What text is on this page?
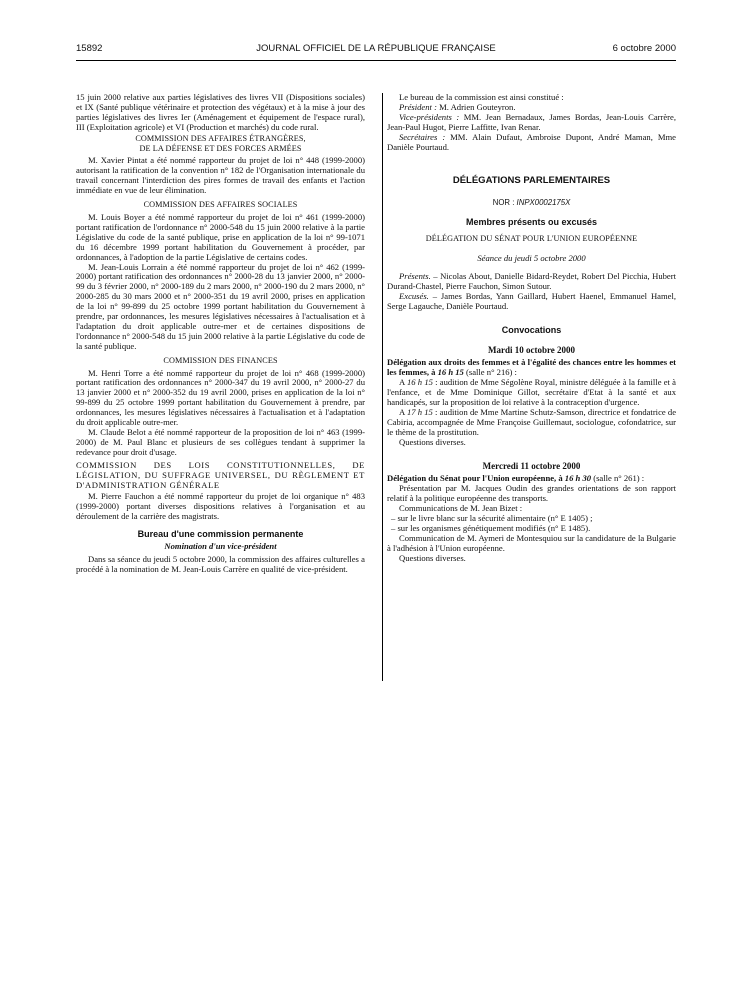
15892	JOURNAL OFFICIEL DE LA RÉPUBLIQUE FRANÇAISE	6 octobre 2000

15 juin 2000 relative aux parties législatives des livres VII (Dispositions sociales) et IX (Santé publique vétérinaire et protection des végétaux) et à la mise à jour des parties législatives des livres Ier (Aménagement et équipement de l'espace rural), III (Exploitation agricole) et VI (Production et marchés) du code rural.

COMMISSION DES AFFAIRES ÉTRANGÈRES,
DE LA DÉFENSE ET DES FORCES ARMÉES

M. Xavier Pintat a été nommé rapporteur du projet de loi n° 448 (1999-2000) autorisant la ratification de la convention n° 182 de l'Organisation internationale du travail concernant l'interdiction des pires formes de travail des enfants et l'action immédiate en vue de leur élimination.

COMMISSION DES AFFAIRES SOCIALES

M. Louis Boyer a été nommé rapporteur du projet de loi n° 461 (1999-2000) portant ratification de l'ordonnance n° 2000-548 du 15 juin 2000 relative à la partie Législative du code de la santé publique, prise en application de la loi n° 99-1071 du 16 décembre 1999 portant habilitation du Gouvernement à procéder, par ordonnances, à l'adoption de la partie Législative de certains codes.

M. Jean-Louis Lorrain a été nommé rapporteur du projet de loi n° 462 (1999-2000) portant ratification des ordonnances n° 2000-28 du 13 janvier 2000, n° 2000-99 du 3 février 2000, n° 2000-189 du 2 mars 2000, n° 2000-190 du 2 mars 2000, n° 2000-285 du 30 mars 2000 et n° 2000-351 du 19 avril 2000, prises en application de la loi n° 99-899 du 25 octobre 1999 portant habilitation du Gouvernement à prendre, par ordonnances, les mesures législatives nécessaires à l'actualisation et à l'adaptation du droit applicable outre-mer et de certaines dispositions de l'ordonnance n° 2000-548 du 15 juin 2000 relative à la partie Législative du code de la santé publique.

COMMISSION DES FINANCES

M. Henri Torre a été nommé rapporteur du projet de loi n° 468 (1999-2000) portant ratification des ordonnances n° 2000-347 du 19 avril 2000, n° 2000-27 du 13 janvier 2000 et n° 2000-352 du 19 avril 2000, prises en application de la loi n° 99-899 du 25 octobre 1999 portant habilitation du Gouvernement à prendre, par ordonnances, les mesures législatives nécessaires à l'actualisation et à l'adaptation du droit applicable outre-mer.

M. Claude Belot a été nommé rapporteur de la proposition de loi n° 463 (1999-2000) de M. Paul Blanc et plusieurs de ses collègues tendant à supprimer la redevance pour droit d'usage.

COMMISSION DES LOIS CONSTITUTIONNELLES, DE LÉGISLATION, DU SUFFRAGE UNIVERSEL, DU RÈGLEMENT ET D'ADMINISTRATION GÉNÉRALE

M. Pierre Fauchon a été nommé rapporteur du projet de loi organique n° 483 (1999-2000) portant diverses dispositions relatives à l'organisation et au déroulement de la carrière des magistrats.

Bureau d'une commission permanente
Nomination d'un vice-président

Dans sa séance du jeudi 5 octobre 2000, la commission des affaires culturelles a procédé à la nomination de M. Jean-Louis Carrère en qualité de vice-président.

Le bureau de la commission est ainsi constitué :

Président : M. Adrien Gouteyron.

Vice-présidents : MM. Jean Bernadaux, James Bordas, Jean-Louis Carrère, Jean-Paul Hugot, Pierre Laffitte, Ivan Renar.

Secrétaires : MM. Alain Dufaut, Ambroise Dupont, André Maman, Mme Danièle Pourtaud.

DÉLÉGATIONS PARLEMENTAIRES
NOR : INPX0002175X
Membres présents ou excusés
DÉLÉGATION DU SÉNAT POUR L'UNION EUROPÉENNE
Séance du jeudi 5 octobre 2000

Présents. – Nicolas About, Danielle Bidard-Reydet, Robert Del Picchia, Hubert Durand-Chastel, Pierre Fauchon, Simon Sutour.

Excusés. – James Bordas, Yann Gaillard, Hubert Haenel, Emmanuel Hamel, Serge Lagauche, Danièle Pourtaud.

Convocations
Mardi 10 octobre 2000

Délégation aux droits des femmes et à l'égalité des chances entre les hommes et les femmes, à 16 h 15 (salle n° 216) :

A 16 h 15 : audition de Mme Ségolène Royal, ministre déléguée à la famille et à l'enfance, et de Mme Dominique Gillot, secrétaire d'Etat à la santé et aux handicapés, sur la proposition de loi relative à la contraception d'urgence.

A 17 h 15 : audition de Mme Martine Schutz-Samson, directrice et fondatrice de Cabiria, accompagnée de Mme Françoise Guillemaut, sociologue, cofondatrice, sur le thème de la prostitution.

Questions diverses.

Mercredi 11 octobre 2000

Délégation du Sénat pour l'Union européenne, à 16 h 30 (salle n° 261) :

Présentation par M. Jacques Oudin des grandes orientations de son rapport relatif à la politique européenne des transports.

Communications de M. Jean Bizet :

– sur le livre blanc sur la sécurité alimentaire (n° E 1405) ;

– sur les organismes génétiquement modifiés (n° E 1485).

Communication de M. Aymeri de Montesquiou sur la candidature de la Bulgarie à l'adhésion à l'Union européenne.

Questions diverses.
